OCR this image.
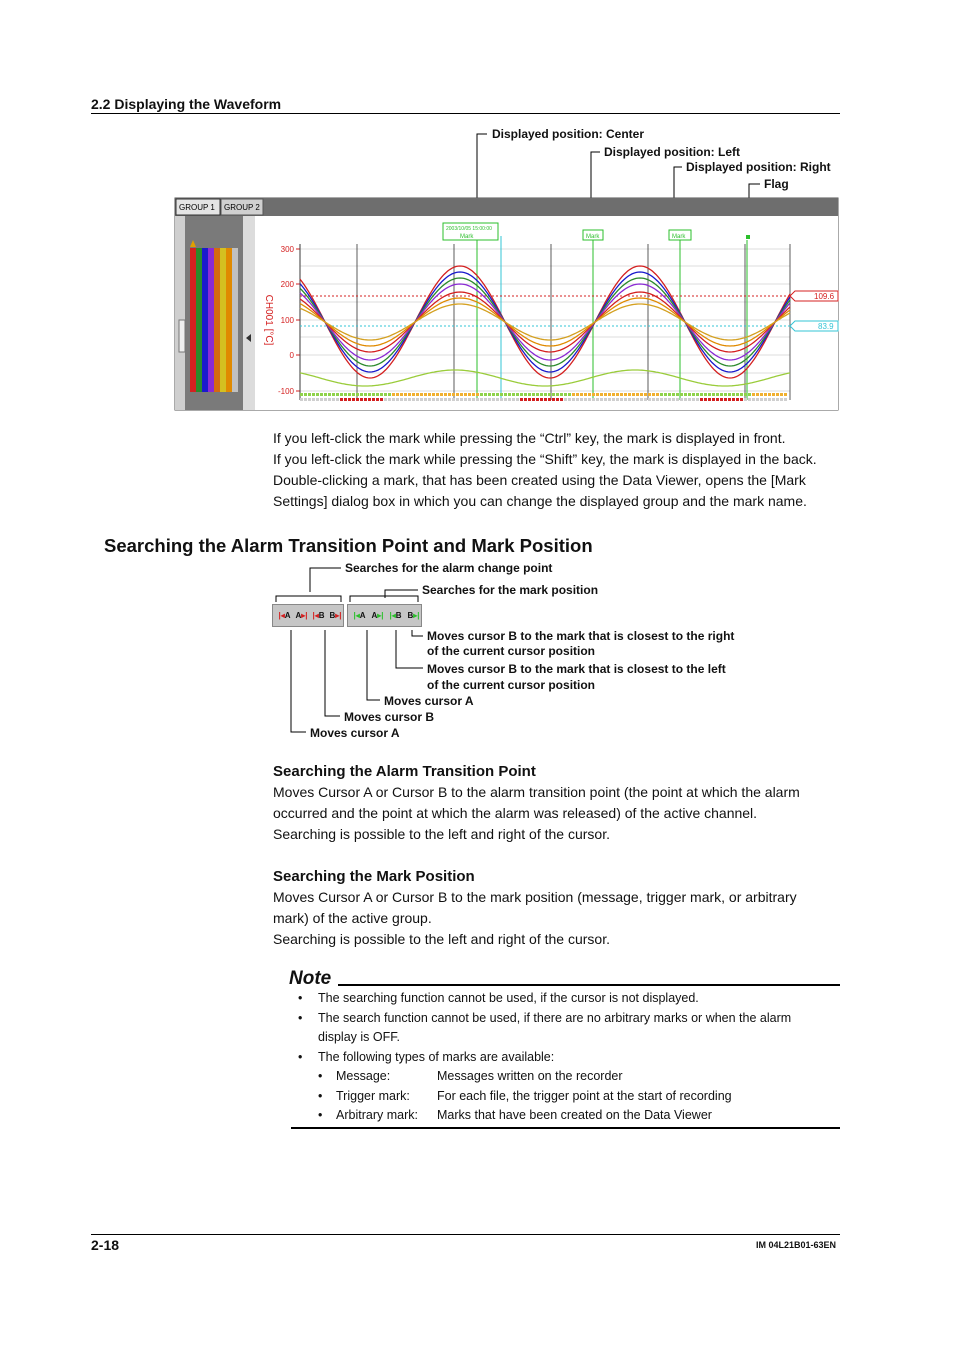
2.2 Displaying the Waveform
Displayed position: Center
Displayed position: Left
Displayed position: Right
Flag
300
200
100
0
-100
CH001 [°C]
2003/10/05 15:00:00
Mark	Mark	Mark
109.6
83.9
GROUP 1 GROUP 2
If you left-click the mark while pressing the “Ctrl” key, the mark is displayed in front.
If you left-click the mark while pressing the “Shift” key, the mark is displayed in the back.
Double-clicking a mark, that has been created using the Data Viewer, opens the [Mark
Settings] dialog box in which you can change the displayed group and the mark name.
Searching the Alarm Transition Point and Mark Position
Searches for the alarm change point
Searches for the mark position
Moves cursor B to the mark that is closest to the right
of the current cursor position
Moves cursor B to the mark that is closest to the left
of the current cursor position
Moves cursor A
Moves cursor B
Moves cursor A
|◂ A A ▸| |◂ B B ▸| |◂ A A ▸| |◂ B B ▸|
Searching the Alarm Transition Point
Moves Cursor A or Cursor B to the alarm transition point (the point at which the alarm
occurred and the point at which the alarm was released) of the active channel.
Searching is possible to the left and right of the cursor.
Searching the Mark Position
Moves Cursor A or Cursor B to the mark position (message, trigger mark, or arbitrary
mark) of the active group.
Searching is possible to the left and right of the cursor.
Note
•	The searching function cannot be used, if the cursor is not displayed.
•	The search function cannot be used, if there are no arbitrary marks or when the alarm
display is OFF.
•	The following types of marks are available:
•	Message:	Messages written on the recorder
•	Trigger mark:	For each file, the trigger point at the start of recording
•	Arbitrary mark:	Marks that have been created on the Data Viewer
2-18	IM 04L21B01-63EN
